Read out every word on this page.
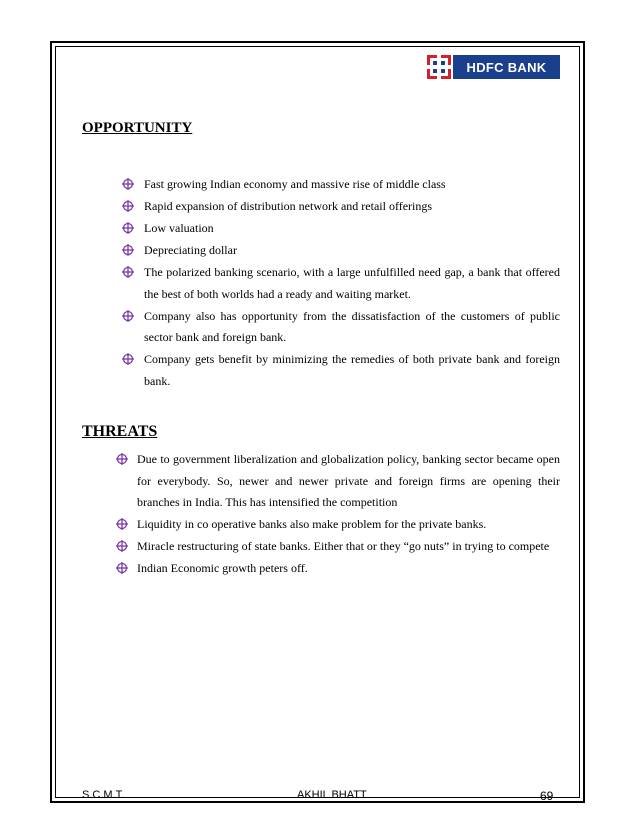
HDFC BANK
OPPORTUNITY
Fast growing Indian economy and massive rise of middle class
Rapid expansion of distribution network and retail offerings
Low valuation
Depreciating dollar
The polarized banking scenario, with a large unfulfilled need gap, a bank that offered the best of both worlds had a ready and waiting market.
Company also has opportunity from the dissatisfaction of the customers of public sector bank and foreign bank.
Company gets benefit by minimizing the remedies of both private bank and foreign bank.
THREATS
Due to government liberalization and globalization policy, banking sector became open for everybody. So, newer and newer private and foreign firms are opening their branches in India. This has intensified the competition
Liquidity in co operative banks also make problem for the private banks.
Miracle restructuring of state banks. Either that or they “go nuts” in trying to compete
Indian Economic growth peters off.
S.C.M.T.	AKHIL BHATT	69
